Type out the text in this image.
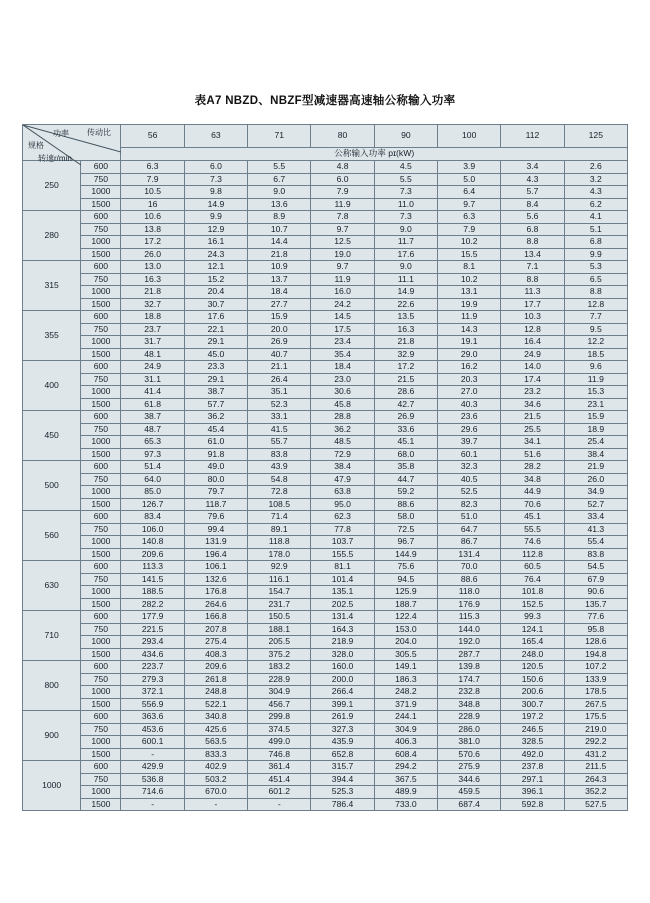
表A7 NBZD、NBZF型减速器高速轴公称输入功率
规格
功率
转速r/min
传动比		56	63	71	80	90	100	112	125
		公称输入功率 pɪ(kW)							
250	600	6.3	6.0	5.5	4.8	4.5	3.9	3.4	2.6
	750	7.9	7.3	6.7	6.0	5.5	5.0	4.3	3.2
	1000	10.5	9.8	9.0	7.9	7.3	6.4	5.7	4.3
	1500	16	14.9	13.6	11.9	11.0	9.7	8.4	6.2
280	600	10.6	9.9	8.9	7.8	7.3	6.3	5.6	4.1
	750	13.8	12.9	10.7	9.7	9.0	7.9	6.8	5.1
	1000	17.2	16.1	14.4	12.5	11.7	10.2	8.8	6.8
	1500	26.0	24.3	21.8	19.0	17.6	15.5	13.4	9.9
315	600	13.0	12.1	10.9	9.7	9.0	8.1	7.1	5.3
	750	16.3	15.2	13.7	11.9	11.1	10.2	8.8	6.5
	1000	21.8	20.4	18.4	16.0	14.9	13.1	11.3	8.8
	1500	32.7	30.7	27.7	24.2	22.6	19.9	17.7	12.8
355	600	18.8	17.6	15.9	14.5	13.5	11.9	10.3	7.7
	750	23.7	22.1	20.0	17.5	16.3	14.3	12.8	9.5
	1000	31.7	29.1	26.9	23.4	21.8	19.1	16.4	12.2
	1500	48.1	45.0	40.7	35.4	32.9	29.0	24.9	18.5
400	600	24.9	23.3	21.1	18.4	17.2	16.2	14.0	9.6
	750	31.1	29.1	26.4	23.0	21.5	20.3	17.4	11.9
	1000	41.4	38.7	35.1	30.6	28.6	27.0	23.2	15.3
	1500	61.8	57.7	52.3	45.8	42.7	40.3	34.6	23.1
450	600	38.7	36.2	33.1	28.8	26.9	23.6	21.5	15.9
	750	48.7	45.4	41.5	36.2	33.6	29.6	25.5	18.9
	1000	65.3	61.0	55.7	48.5	45.1	39.7	34.1	25.4
	1500	97.3	91.8	83.8	72.9	68.0	60.1	51.6	38.4
500	600	51.4	49.0	43.9	38.4	35.8	32.3	28.2	21.9
	750	64.0	80.0	54.8	47.9	44.7	40.5	34.8	26.0
	1000	85.0	79.7	72.8	63.8	59.2	52.5	44.9	34.9
	1500	126.7	118.7	108.5	95.0	88.6	82.3	70.6	52.7
560	600	83.4	79.6	71.4	62.3	58.0	51.0	45.1	33.4
	750	106.0	99.4	89.1	77.8	72.5	64.7	55.5	41.3
	1000	140.8	131.9	118.8	103.7	96.7	86.7	74.6	55.4
	1500	209.6	196.4	178.0	155.5	144.9	131.4	112.8	83.8
630	600	113.3	106.1	92.9	81.1	75.6	70.0	60.5	54.5
	750	141.5	132.6	116.1	101.4	94.5	88.6	76.4	67.9
	1000	188.5	176.8	154.7	135.1	125.9	118.0	101.8	90.6
	1500	282.2	264.6	231.7	202.5	188.7	176.9	152.5	135.7
710	600	177.9	166.8	150.5	131.4	122.4	115.3	99.3	77.6
	750	221.5	207.8	188.1	164.3	153.0	144.0	124.1	95.8
	1000	293.4	275.4	205.5	218.9	204.0	192.0	165.4	128.6
	1500	434.6	408.3	375.2	328.0	305.5	287.7	248.0	194.8
800	600	223.7	209.6	183.2	160.0	149.1	139.8	120.5	107.2
	750	279.3	261.8	228.9	200.0	186.3	174.7	150.6	133.9
	1000	372.1	248.8	304.9	266.4	248.2	232.8	200.6	178.5
	1500	556.9	522.1	456.7	399.1	371.9	348.8	300.7	267.5
900	600	363.6	340.8	299.8	261.9	244.1	228.9	197.2	175.5
	750	453.6	425.6	374.5	327.3	304.9	286.0	246.5	219.0
	1000	600.1	563.5	499.0	435.9	406.3	381.0	328.5	292.2
	1500	-	833.3	746.8	652.8	608.4	570.6	492.0	431.2
1000	600	429.9	402.9	361.4	315.7	294.2	275.9	237.8	211.5
	750	536.8	503.2	451.4	394.4	367.5	344.6	297.1	264.3
	1000	714.6	670.0	601.2	525.3	489.9	459.5	396.1	352.2
	1500	-	-	-	786.4	733.0	687.4	592.8	527.5
